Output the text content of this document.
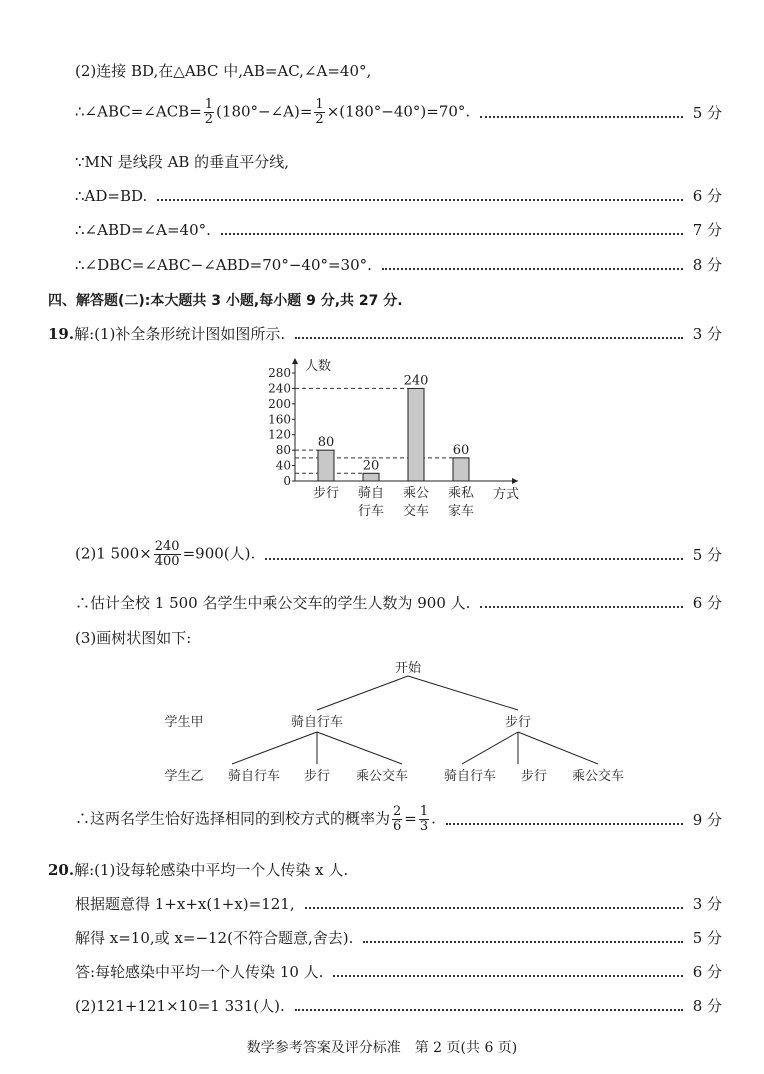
(2)连接 BD,在△ABC 中,AB=AC,∠A=40°,
∴∠ABC=∠ACB= $\frac{1}{2}$ (180°−∠A)= $\frac{1}{2} \times(180^\circ-40^\circ)=70^\circ$.	5 分
∵MN 是线段 AB 的垂直平分线,
∴AD=BD.	6 分
∴∠ABD=∠A=40°.	7 分
∴∠DBC=∠ABC−∠ABD=70°−40°=30°.	8 分
四、解答题(二):本大题共 3 小题,每小题 9 分,共 27 分.
19.解:(1)补全条形统计图如图所示.	3 分
人数
0
40
80
120
160
200
240
280
80
步行
20
骑自
行车
240
乘公
交车
60
乘私
家车
方式
(2)1 $500\times \frac{240}{400} =900$(人).	5 分
∴估计全校 1 500 名学生中乘公交车的学生人数为 900 人.	6 分
(3)画树状图如下:
开始
学生甲	骑自行车	步行
学生乙 骑自行车 步行 乘公交车	骑自行车 步行 乘公交车
∴这两名学生恰好选择相同的到校方式的概率为 $\frac{2}{6} = \frac{1}{3}$ .	9 分
20.解:(1)设每轮感染中平均一个人传染 x 人.
根据题意得 1+x+x(1+x)=121,	3 分
解得 x=10,或 x=−12(不符合题意,舍去).	5 分
答:每轮感染中平均一个人传染 10 人.	6 分
(2)121+121×10=1 331(人).	8 分
数学参考答案及评分标准　第 2 页(共 6 页)
